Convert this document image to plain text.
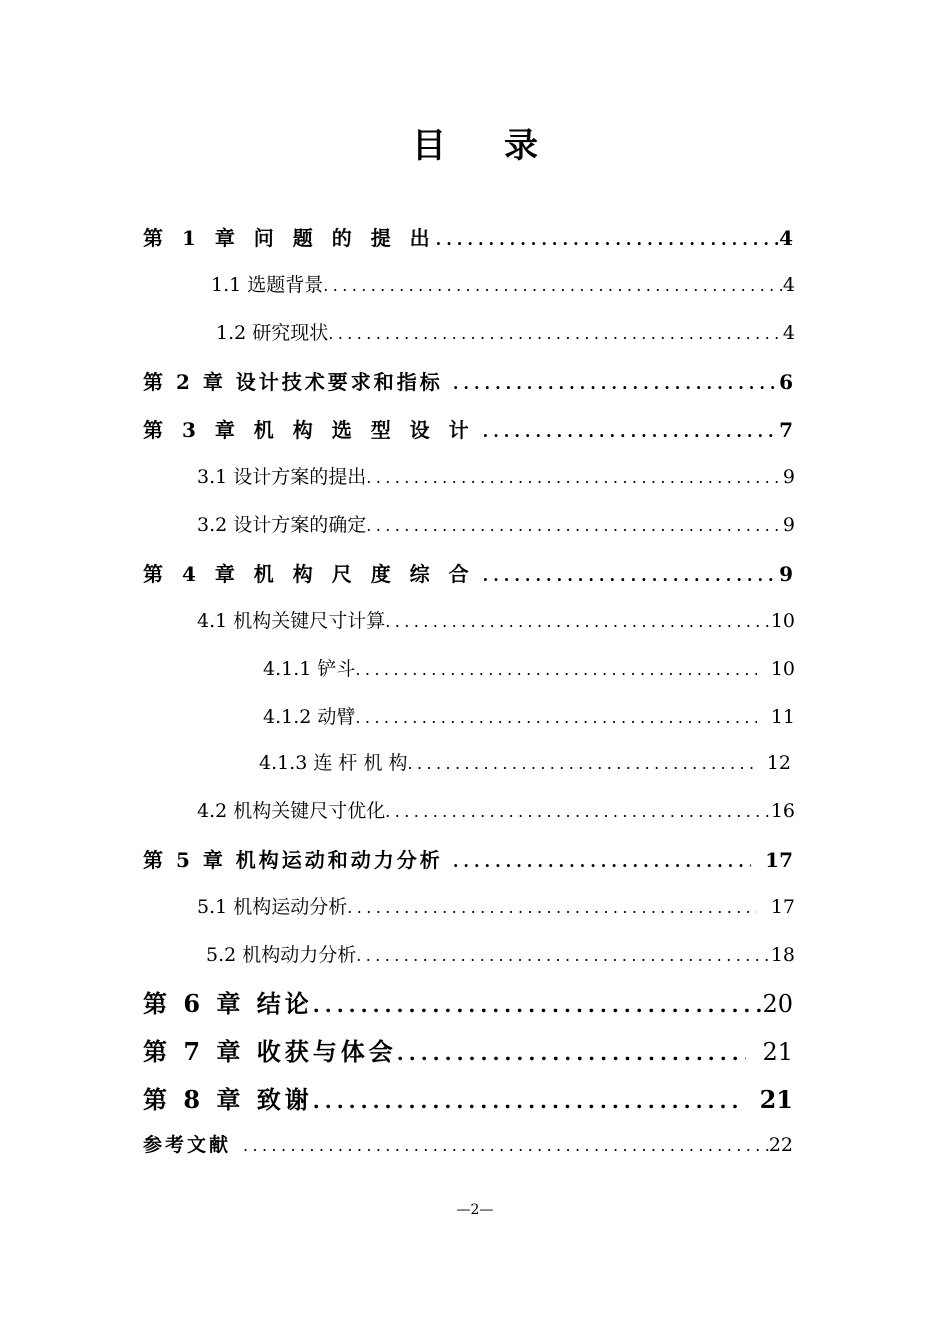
目 录
第 1 章 问 题 的 提 出 .....	4
1.1 选题背景 .....	4
1.2 研究现状 .....	4
第 2 章 设计技术要求和指标 .....	6
第 3 章 机 构 选 型 设 计 .....	7
3.1 设计方案的提出 .....	9
3.2 设计方案的确定 .....	9
第 4 章 机 构 尺 度 综 合 .....	9
4.1 机构关键尺寸计算 .....	10
4.1.1 铲斗 .....	10
4.1.2 动臂 .....	11
4.1.3 连 杆 机 构 .....	12
4.2 机构关键尺寸优化 .....	16
第 5 章 机构运动和动力分析 .....	17
5.1 机构运动分析 .....	17
5.2 机构动力分析 .....	18
第 6 章 结论 .....	20
第 7 章 收获与体会 .....	21
第 8 章 致谢 .....	21
参考文献 .....	22
—2—
